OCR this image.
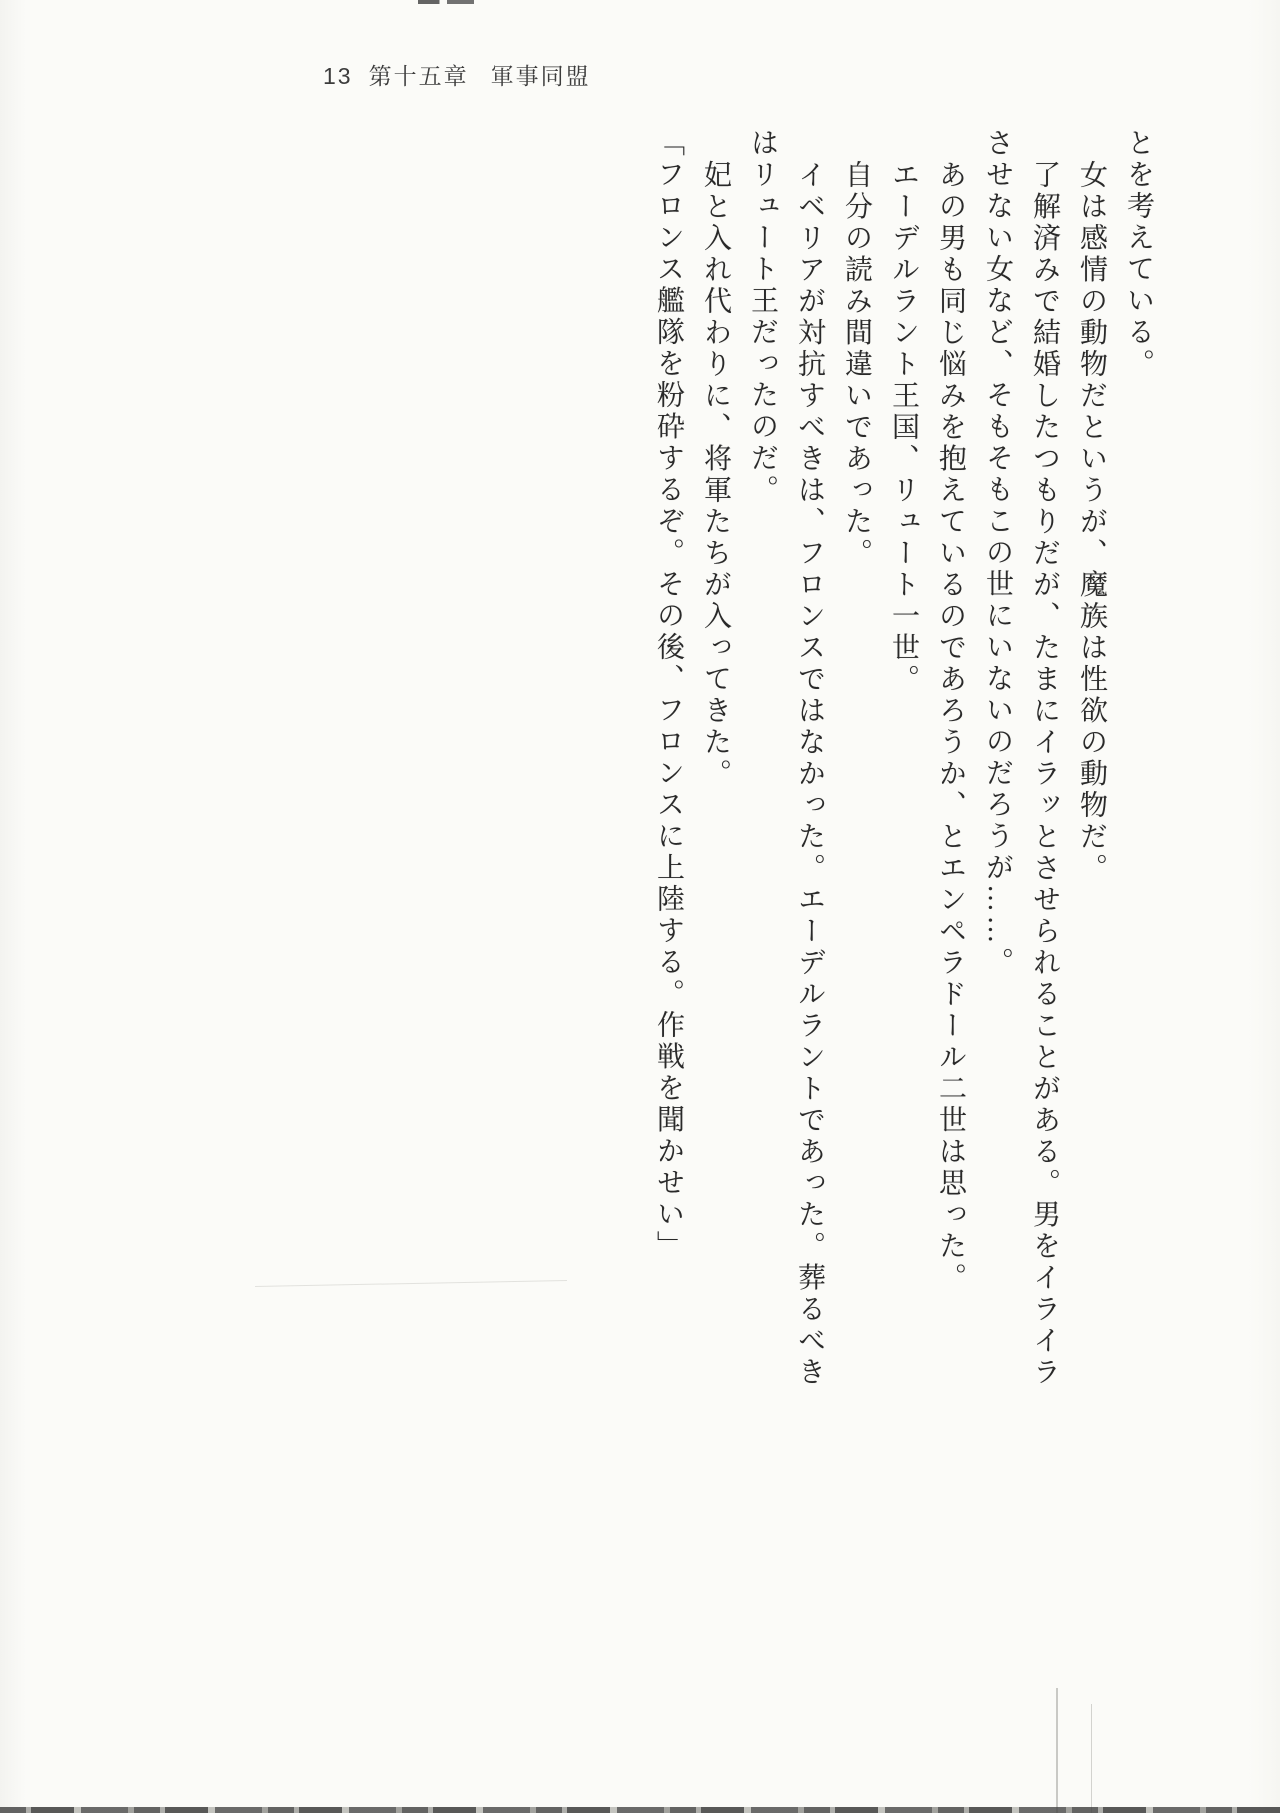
13 第十五章 軍事同盟
とを考えている。
女は感情の動物だというが、魔族は性欲の動物だ。
了解済みで結婚したつもりだが、たまにイラッとさせられることがある。男をイライラ
させない女など、そもそもこの世にいないのだろうが……。
あの男も同じ悩みを抱えているのであろうか、とエンペラドール二世は思った。
エーデルラント王国、リュート一世。
自分の読み間違いであった。
イベリアが対抗すべきは、フロンスではなかった。エーデルラントであった。葬るべき
はリュート王だったのだ。
妃と入れ代わりに、将軍たちが入ってきた。
「フロンス艦隊を粉砕するぞ。その後、フロンスに上陸する。作戦を聞かせい」
